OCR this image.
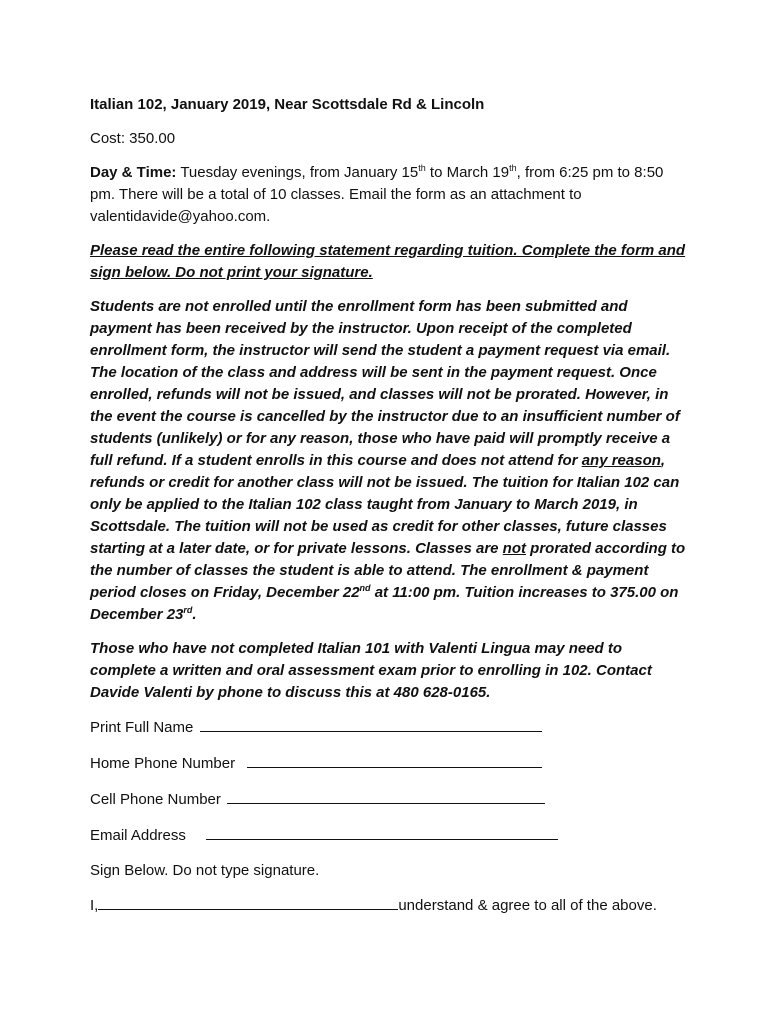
Italian 102, January 2019, Near Scottsdale Rd & Lincoln

Cost: 350.00

Day & Time: Tuesday evenings, from January 15th to March 19th, from 6:25 pm to 8:50 pm. There will be a total of 10 classes. Email the form as an attachment to valentidavide@yahoo.com.

Please read the entire following statement regarding tuition. Complete the form and sign below. Do not print your signature.

Students are not enrolled until the enrollment form has been submitted and payment has been received by the instructor. Upon receipt of the completed enrollment form, the instructor will send the student a payment request via email. The location of the class and address will be sent in the payment request. Once enrolled, refunds will not be issued, and classes will not be prorated. However, in the event the course is cancelled by the instructor due to an insufficient number of students (unlikely) or for any reason, those who have paid will promptly receive a full refund. If a student enrolls in this course and does not attend for any reason, refunds or credit for another class will not be issued. The tuition for Italian 102 can only be applied to the Italian 102 class taught from January to March 2019, in Scottsdale. The tuition will not be used as credit for other classes, future classes starting at a later date, or for private lessons. Classes are not prorated according to the number of classes the student is able to attend. The enrollment & payment period closes on Friday, December 22nd at 11:00 pm. Tuition increases to 375.00 on December 23rd.

Those who have not completed Italian 101 with Valenti Lingua may need to complete a written and oral assessment exam prior to enrolling in 102. Contact Davide Valenti by phone to discuss this at 480 628-0165.

Print Full Name
Home Phone Number
Cell Phone Number
Email Address

Sign Below. Do not type signature.

I,	understand & agree to all of the above.
